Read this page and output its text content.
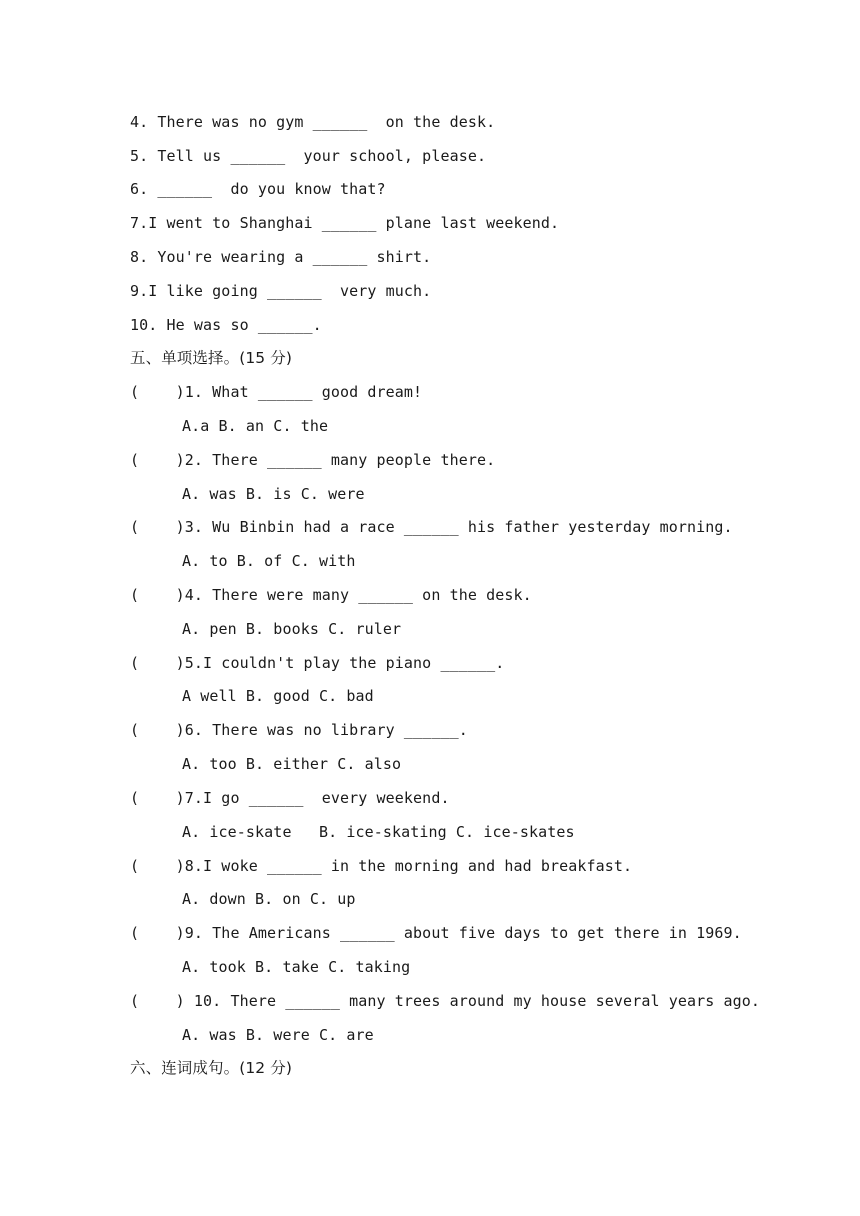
4. There was no gym ______  on the desk.
5. Tell us ______  your school, please.
6. ______  do you know that?
7.I went to Shanghai ______ plane last weekend.
8. You're wearing a ______ shirt.
9.I like going ______  very much.
10. He was so ______.
五、单项选择。(15 分)
(    )1. What ______ good dream!
A.a B. an C. the
(    )2. There ______ many people there.
A. was B. is C. were
(    )3. Wu Binbin had a race ______ his father yesterday morning.
A. to B. of C. with
(    )4. There were many ______ on the desk.
A. pen B. books C. ruler
(    )5.I couldn't play the piano ______.
A well B. good C. bad
(    )6. There was no library ______.
A. too B. either C. also
(    )7.I go ______  every weekend.
A. ice-skate   B. ice-skating C. ice-skates
(    )8.I woke ______ in the morning and had breakfast.
A. down B. on C. up
(    )9. The Americans ______ about five days to get there in 1969.
A. took B. take C. taking
(    ) 10. There ______ many trees around my house several years ago.
A. was B. were C. are
六、连词成句。(12 分)
